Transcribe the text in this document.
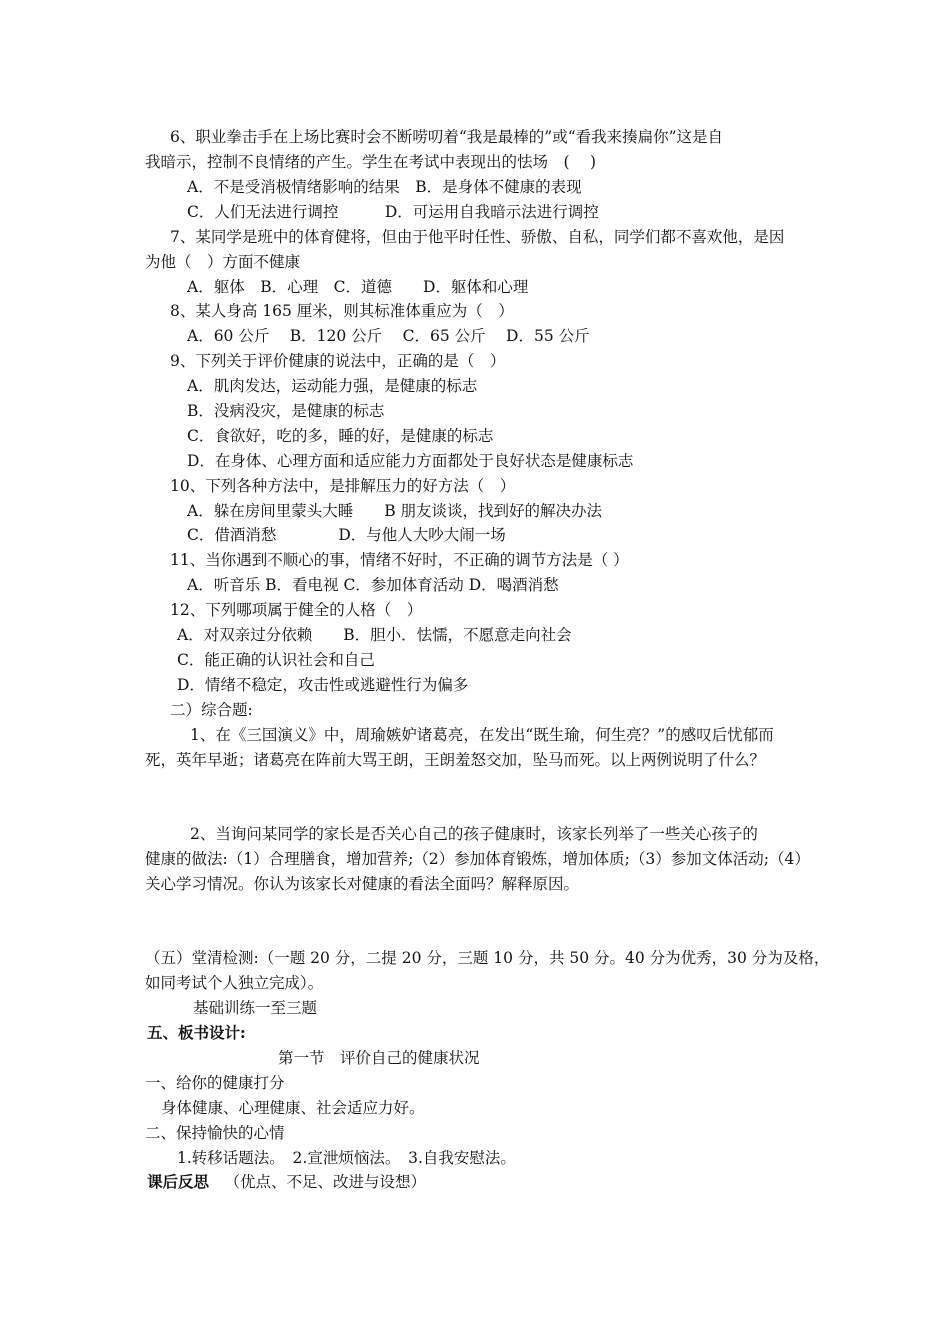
6、职业拳击手在上场比赛时会不断唠叨着“我是最棒的”或“看我来揍扁你”这是自
我暗示，控制不良情绪的产生。学生在考试中表现出的怯场　(　 )
A．不是受消极情绪影响的结果　B．是身体不健康的表现
C．人们无法进行调控　　　D．可运用自我暗示法进行调控
7、某同学是班中的体育健将，但由于他平时任性、骄傲、自私，同学们都不喜欢他，是因
为他（　）方面不健康
A．躯体　B．心理　C．道德　　D．躯体和心理
8、某人身高 165 厘米，则其标准体重应为（　）
A．60 公斤　 B．120 公斤　 C．65 公斤　 D．55 公斤
9、下列关于评价健康的说法中，正确的是（　）
A．肌肉发达，运动能力强，是健康的标志
B．没病没灾，是健康的标志
C．食欲好，吃的多，睡的好，是健康的标志
D．在身体、心理方面和适应能力方面都处于良好状态是健康标志
10、下列各种方法中，是排解压力的好方法（　）
A．躲在房间里蒙头大睡　　B 朋友谈谈，找到好的解决办法
C．借酒消愁　　　　D．与他人大吵大闹一场
11、当你遇到不顺心的事，情绪不好时，不正确的调节方法是（ ）
A．听音乐 B．看电视 C．参加体育活动 D．喝酒消愁
12、下列哪项属于健全的人格（　）
A．对双亲过分依赖　　B．胆小．怯懦，不愿意走向社会
C．能正确的认识社会和自己
D．情绪不稳定，攻击性或逃避性行为偏多
二）综合题:
1、在《三国演义》中，周瑜嫉妒诸葛亮，在发出“既生瑜，何生亮？”的感叹后忧郁而
死，英年早逝；诸葛亮在阵前大骂王朗，王朗羞怒交加，坠马而死。以上两例说明了什么？
2、当询问某同学的家长是否关心自己的孩子健康时，该家长列举了一些关心孩子的
健康的做法:（1）合理膳食，增加营养;（2）参加体育锻炼，增加体质;（3）参加文体活动;（4）
关心学习情况。你认为该家长对健康的看法全面吗？解释原因。
（五）堂清检测:（一题 20 分，二提 20 分，三题 10 分，共 50 分。40 分为优秀，30 分为及格，
如同考试个人独立完成）。
基础训练一至三题
五、板书设计:
第一节　评价自己的健康状况
一、给你的健康打分
身体健康、心理健康、社会适应力好。
二、保持愉快的心情
1.转移话题法。　2.宣泄烦恼法。　3.自我安慰法。
课后反思  （优点、不足、改进与设想）
